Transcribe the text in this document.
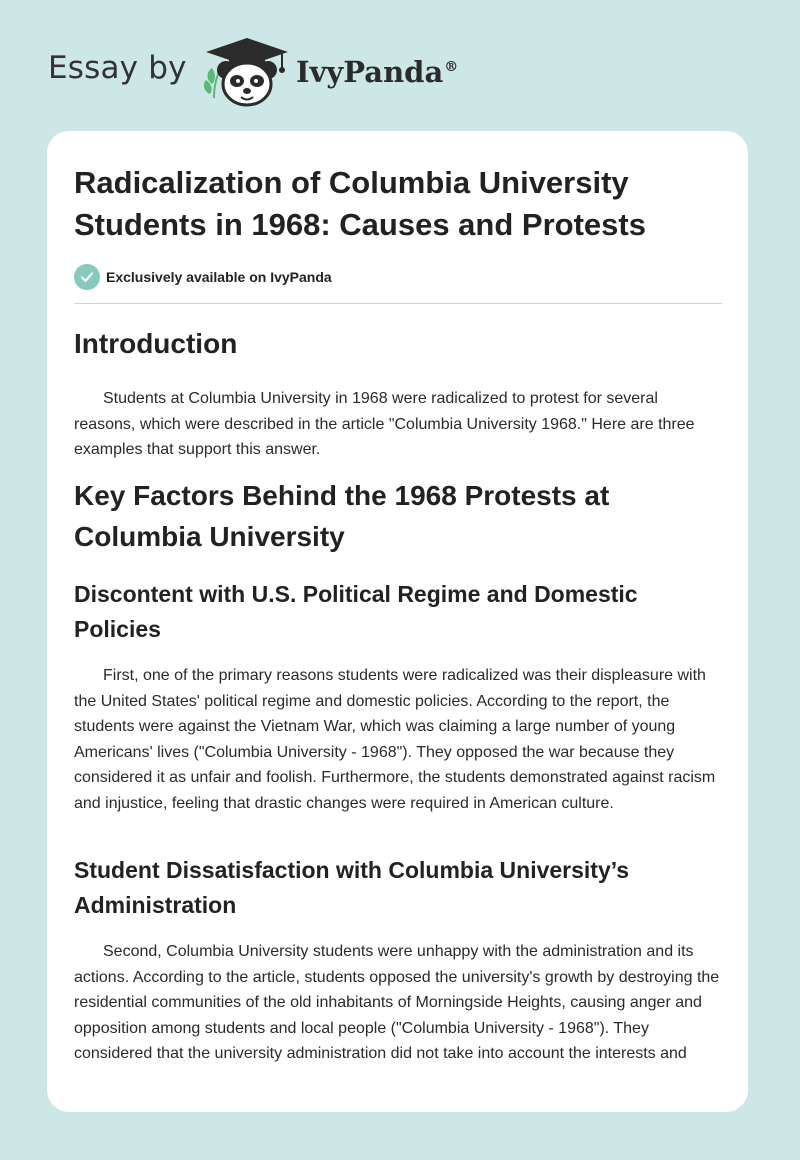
Essay by	IvyPanda®
Radicalization of Columbia University Students in 1968: Causes and Protests
Exclusively available on IvyPanda
Introduction

Students at Columbia University in 1968 were radicalized to protest for several reasons, which were described in the article "Columbia University 1968." Here are three examples that support this answer.

Key Factors Behind the 1968 Protests at Columbia University
Discontent with U.S. Political Regime and Domestic Policies

First, one of the primary reasons students were radicalized was their displeasure with the United States' political regime and domestic policies. According to the report, the students were against the Vietnam War, which was claiming a large number of young Americans' lives ("Columbia University - 1968"). They opposed the war because they considered it as unfair and foolish. Furthermore, the students demonstrated against racism and injustice, feeling that drastic changes were required in American culture.

Student Dissatisfaction with Columbia University’s Administration

Second, Columbia University students were unhappy with the administration and its actions. According to the article, students opposed the university's growth by destroying the residential communities of the old inhabitants of Morningside Heights, causing anger and opposition among students and local people ("Columbia University - 1968"). They considered that the university administration did not take into account the interests and
